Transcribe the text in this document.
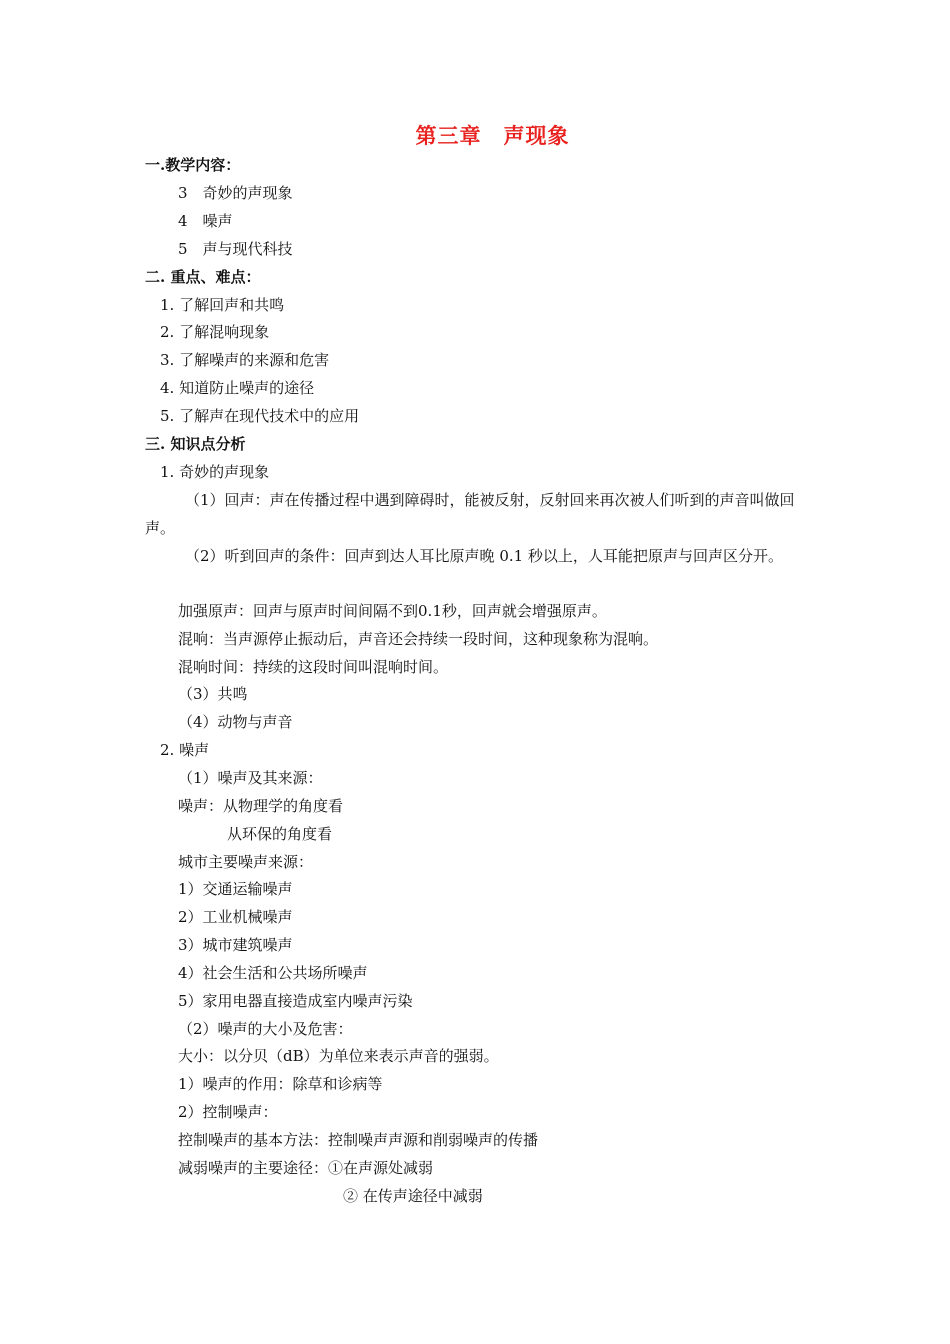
第三章 声现象
一.教学内容：
3　奇妙的声现象
4　噪声
5　声与现代科技
二. 重点、难点：
1. 了解回声和共鸣
2. 了解混响现象
3. 了解噪声的来源和危害
4. 知道防止噪声的途径
5. 了解声在现代技术中的应用
三. 知识点分析
1. 奇妙的声现象
（1）回声：声在传播过程中遇到障碍时，能被反射，反射回来再次被人们听到的声音叫做回声。
（2）听到回声的条件：回声到达人耳比原声晚 0.1 秒以上，人耳能把原声与回声区分开。
加强原声：回声与原声时间间隔不到0.1秒，回声就会增强原声。
混响：当声源停止振动后，声音还会持续一段时间，这种现象称为混响。
混响时间：持续的这段时间叫混响时间。
（3）共鸣
（4）动物与声音
2. 噪声
（1）噪声及其来源：
噪声：从物理学的角度看
从环保的角度看
城市主要噪声来源：
1）交通运输噪声
2）工业机械噪声
3）城市建筑噪声
4）社会生活和公共场所噪声
5）家用电器直接造成室内噪声污染
（2）噪声的大小及危害：
大小：以分贝（dB）为单位来表示声音的强弱。
1）噪声的作用：除草和诊病等
2）控制噪声：
控制噪声的基本方法：控制噪声声源和削弱噪声的传播
减弱噪声的主要途径：①在声源处减弱
② 在传声途径中减弱
